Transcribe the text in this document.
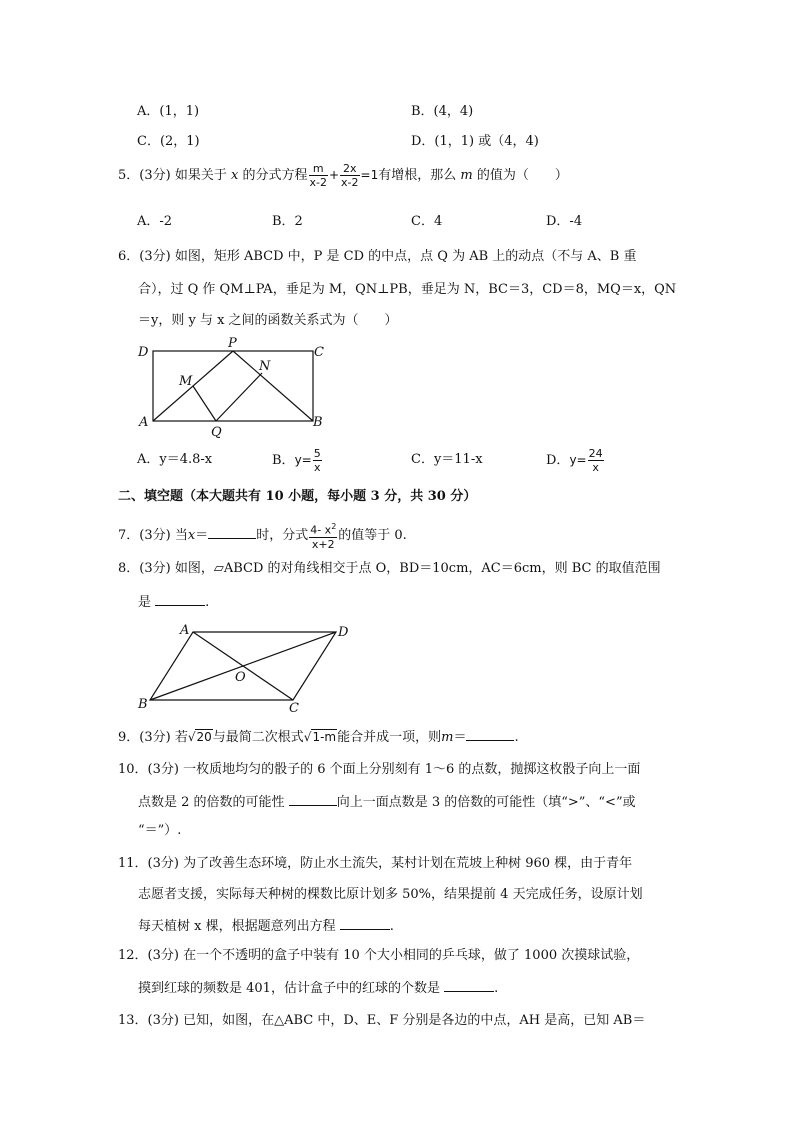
A．(1，1)	B．(4，4)
C．(2，1)	D．(1，1) 或（4，4)
5．(3分) 如果关于 x 的分式方程 $\frac{m}{x-2} + \frac{2x}{x-2} =1$有增根，那么 m 的值为（　　）
A．-2	B．2	C．4	D．-4
6．(3分) 如图，矩形 ABCD 中，P 是 CD 的中点，点 Q 为 AB 上的动点（不与 A、B 重
合），过 Q 作 QM⊥PA，垂足为 M，QN⊥PB，垂足为 N，BC＝3，CD＝8，MQ＝x，QN
＝y，则 y 与 x 之间的函数关系式为（　　）
D
P
C
M
N
A
Q
B
A	D
O
B	C
A．y＝4.8-x	B．$y= \frac{5}{x}$	C．y＝11-x	D．$y= \frac{24}{x}$
二、填空题（本大题共有 10 小题，每小题 3 分，共 30 分）
7．(3分) 当x＝	时，分式 $\frac{4- x^2}{x+2}$ 的值等于 0.
8．(3分) 如图，▱ABCD 的对角线相交于点 O，BD＝10cm，AC＝6cm，则 BC 的取值范围
是	.
9．(3分) 若√20与最简二次根式√1-m能合并成一项，则m＝	.
10．(3分) 一枚质地均匀的骰子的 6 个面上分别刻有 1～6 的点数，抛掷这枚骰子向上一面
点数是 2 的倍数的可能性	向上一面点数是 3 的倍数的可能性（填“>”、“<”或
“＝”）.
11．(3分) 为了改善生态环境，防止水土流失，某村计划在荒坡上种树 960 棵，由于青年
志愿者支援，实际每天种树的棵数比原计划多 50%，结果提前 4 天完成任务，设原计划
每天植树 x 棵，根据题意列出方程	.
12．(3分) 在一个不透明的盒子中装有 10 个大小相同的乒乓球，做了 1000 次摸球试验，
摸到红球的频数是 401，估计盒子中的红球的个数是	.
13．(3分) 已知，如图，在△ABC 中，D、E、F 分别是各边的中点，AH 是高，已知 AB＝
